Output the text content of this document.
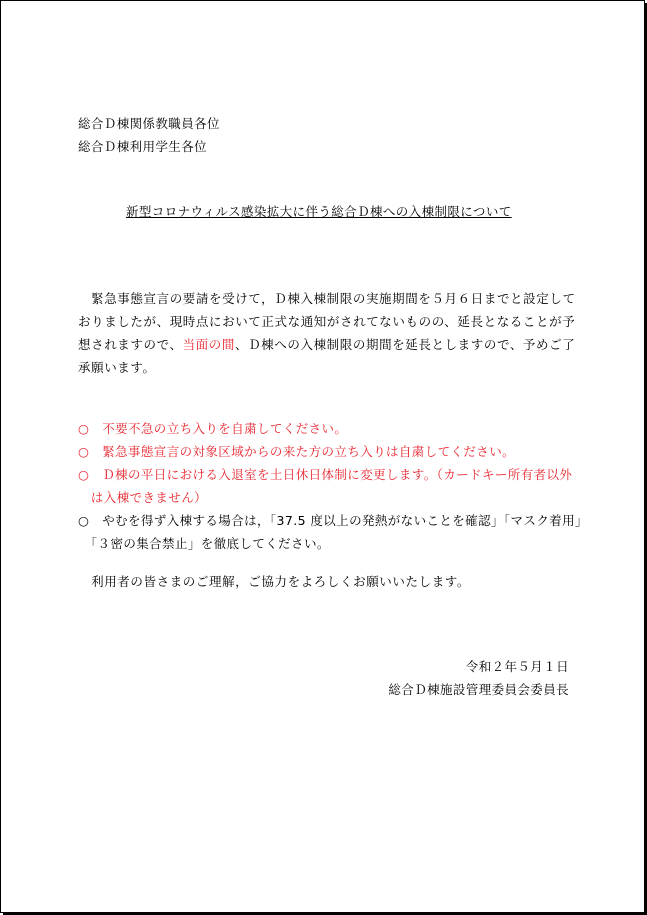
総合Ｄ棟関係教職員各位
総合Ｄ棟利用学生各位
新型コロナウィルス感染拡大に伴う総合Ｄ棟への入棟制限について
　緊急事態宣言の要請を受けて，Ｄ棟入棟制限の実施期間を５月６日までと設定して
おりましたが、現時点において正式な通知がされてないものの、延長となることが予
想されますので、当面の間、Ｄ棟への入棟制限の期間を延長としますので、予めご了
承願います。
○　不要不急の立ち入りを自粛してください。
○　緊急事態宣言の対象区域からの来た方の立ち入りは自粛してください。
○　Ｄ棟の平日における入退室を土日休日体制に変更します。（カードキー所有者以外
　は入棟できません）
○　やむを得ず入棟する場合は，「37.5 度以上の発熱がないことを確認」「マスク着用」
　「３密の集合禁止」を徹底してください。
　利用者の皆さまのご理解，ご協力をよろしくお願いいたします。
令和２年５月１日
総合Ｄ棟施設管理委員会委員長
